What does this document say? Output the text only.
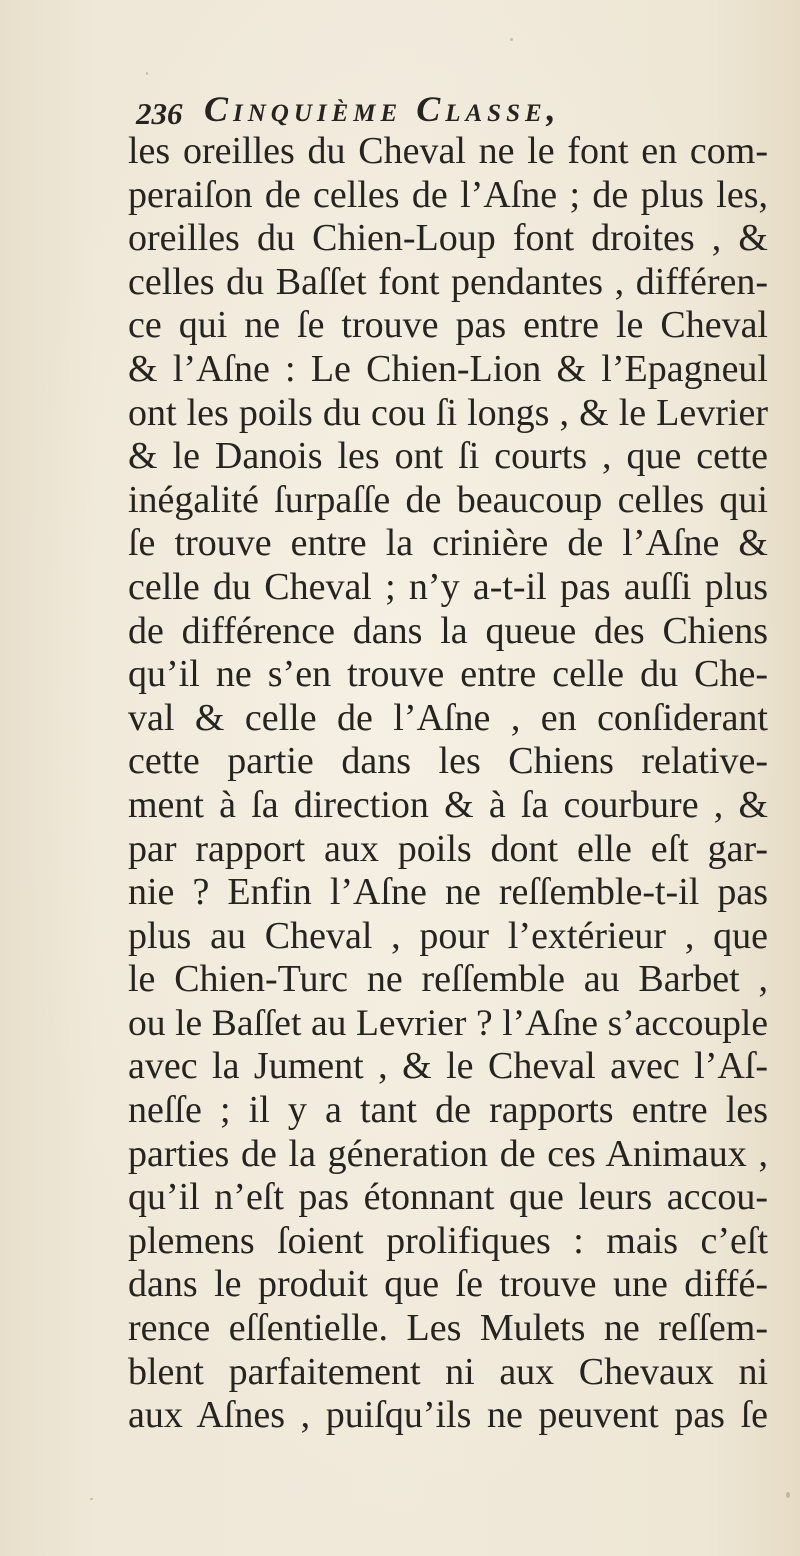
236 Cinquième Classe,
les oreilles du Cheval ne le font en com-
peraiſon de celles de l’Aſne ; de plus les,
oreilles du Chien-Loup font droites , &
celles du Baſſet font pendantes , différen-
ce qui ne ſe trouve pas entre le Cheval
& l’Aſne : Le Chien-Lion & l’Epagneul
ont les poils du cou ſi longs , & le Levrier
& le Danois les ont ſi courts , que cette
inégalité ſurpaſſe de beaucoup celles qui
ſe trouve entre la crinière de l’Aſne &
celle du Cheval ; n’y a-t-il pas auſſi plus
de différence dans la queue des Chiens
qu’il ne s’en trouve entre celle du Che-
val & celle de l’Aſne , en conſiderant
cette partie dans les Chiens relative-
ment à ſa direction & à ſa courbure , &
par rapport aux poils dont elle eſt gar-
nie ? Enfin l’Aſne ne reſſemble-t-il pas
plus au Cheval , pour l’extérieur , que
le Chien-Turc ne reſſemble au Barbet ,
ou le Baſſet au Levrier ? l’Aſne s’accouple
avec la Jument , & le Cheval avec l’Aſ-
neſſe ; il y a tant de rapports entre les
parties de la géneration de ces Animaux ,
qu’il n’eſt pas étonnant que leurs accou-
plemens ſoient prolifiques : mais c’eſt
dans le produit que ſe trouve une diffé-
rence eſſentielle. Les Mulets ne reſſem-
blent parfaitement ni aux Chevaux ni
aux Aſnes , puiſqu’ils ne peuvent pas ſe
